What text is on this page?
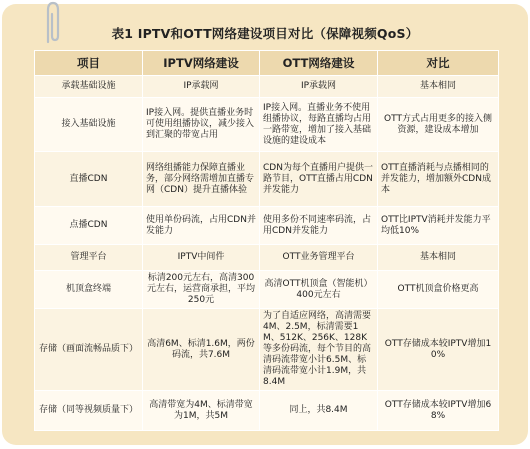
表1 IPTV和OTT网络建设项目对比（保障视频QoS）
项目	IPTV网络建设	OTT网络建设	对比
承载基础设施	IP承载网	IP承载网	基本相同
接入基础设施	IP接入网。提供直播业务时可使用组播协议，减少接入到汇聚的带宽占用	IP接入网。直播业务不使用组播协议，每路直播均占用一路带宽，增加了接入基础设施的建设成本	OTT方式占用更多的接入侧资源，建设成本增加
直播CDN	网络组播能力保障直播业务，部分网络需增加直播专网（CDN）提升直播体验	CDN为每个直播用户提供一路节目，OTT直播占用CDN并发能力	OTT直播消耗与点播相同的并发能力，增加额外CDN成本
点播CDN	使用单份码流，占用CDN并发能力	使用多份不同速率码流，占用CDN并发能力	OTT比IPTV消耗并发能力平均低10%
管理平台	IPTV中间件	OTT业务管理平台	基本相同
机顶盒终端	标清200元左右，高清300元左右，运营商承担，平均250元	高清OTT机顶盒（智能机）400元左右	OTT机顶盒价格更高
存储（画面流畅品质下）	高清6M、标清1.6M，两份码流，共7.6M	为了自适应网络，高清需要4M、2.5M，标清需要1M、512K、256K、128K等多份码流，每个节目的高清码流带宽小计6.5M、标清码流带宽小计1.9M，共8.4M	OTT存储成本较IPTV增加10%
存储（同等视频质量下）	高清带宽为4M、标清带宽为1M，共5M	同上，共8.4M	OTT存储成本较IPTV增加68%
